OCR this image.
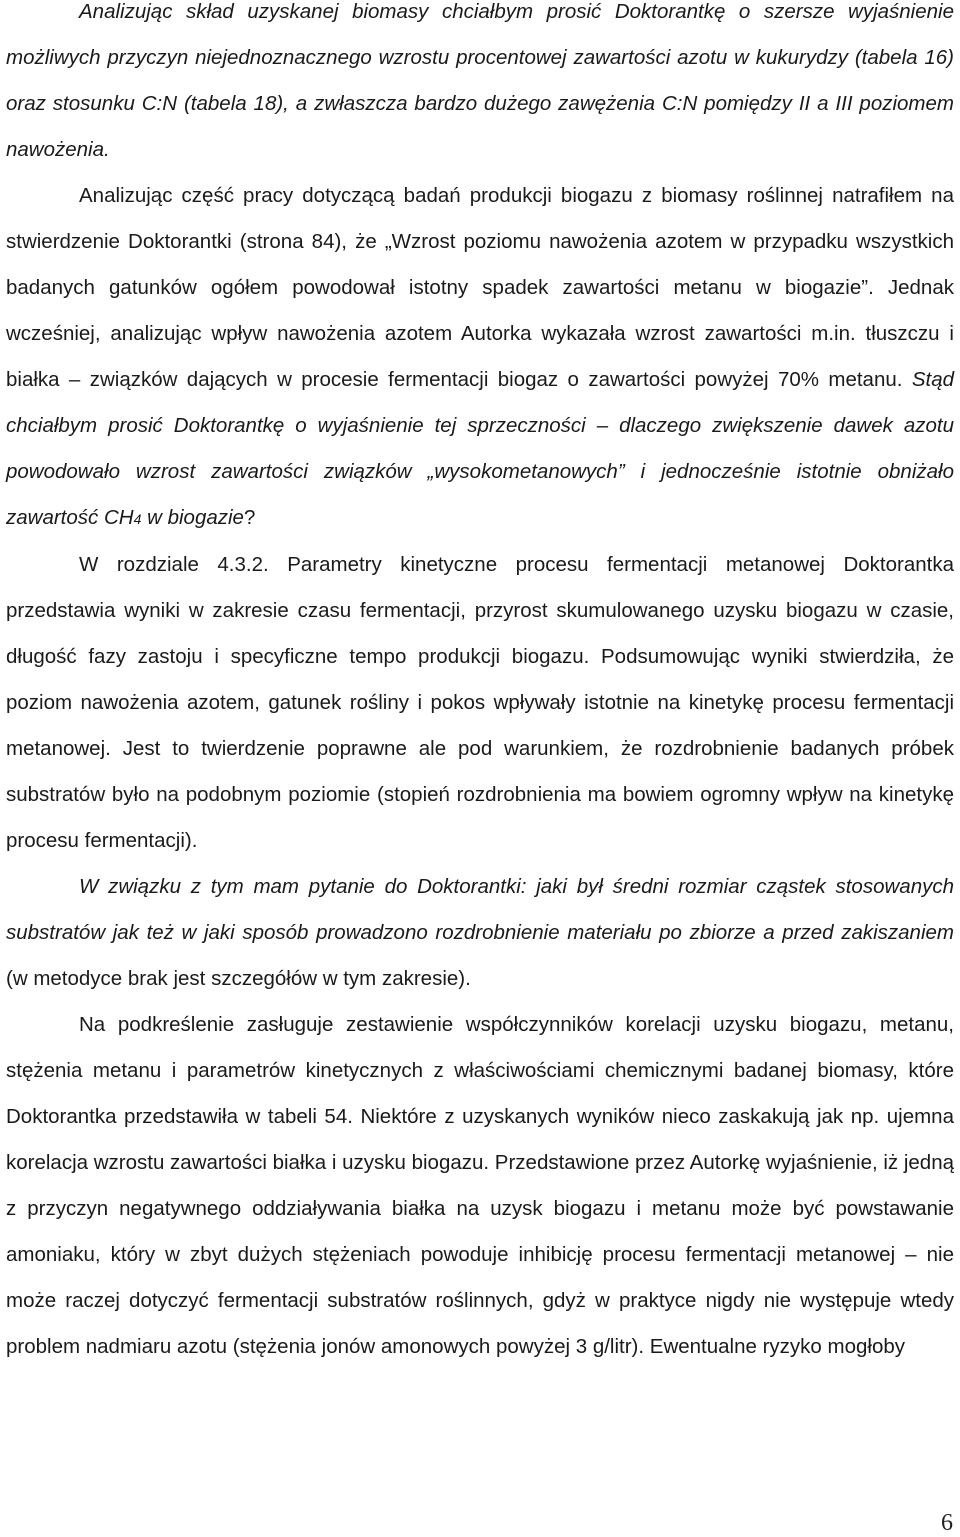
Analizując skład uzyskanej biomasy chciałbym prosić Doktorantkę o szersze wyjaśnienie możliwych przyczyn niejednoznacznego wzrostu procentowej zawartości azotu w kukurydzy (tabela 16) oraz stosunku C:N (tabela 18), a zwłaszcza bardzo dużego zawężenia C:N pomiędzy II a III poziomem nawożenia.

Analizując część pracy dotyczącą badań produkcji biogazu z biomasy roślinnej natrafiłem na stwierdzenie Doktorantki (strona 84), że „Wzrost poziomu nawożenia azotem w przypadku wszystkich badanych gatunków ogółem powodował istotny spadek zawartości metanu w biogazie”. Jednak wcześniej, analizując wpływ nawożenia azotem Autorka wykazała wzrost zawartości m.in. tłuszczu i białka – związków dających w procesie fermentacji biogaz o zawartości powyżej 70% metanu. Stąd chciałbym prosić Doktorantkę o wyjaśnienie tej sprzeczności – dlaczego zwiększenie dawek azotu powodowało wzrost zawartości związków „wysokometanowych” i jednocześnie istotnie obniżało zawartość CH4 w biogazie?

W rozdziale 4.3.2. Parametry kinetyczne procesu fermentacji metanowej Doktorantka przedstawia wyniki w zakresie czasu fermentacji, przyrost skumulowanego uzysku biogazu w czasie, długość fazy zastoju i specyficzne tempo produkcji biogazu. Podsumowując wyniki stwierdziła, że poziom nawożenia azotem, gatunek rośliny i pokos wpływały istotnie na kinetykę procesu fermentacji metanowej. Jest to twierdzenie poprawne ale pod warunkiem, że rozdrobnienie badanych próbek substratów było na podobnym poziomie (stopień rozdrobnienia ma bowiem ogromny wpływ na kinetykę procesu fermentacji).

W związku z tym mam pytanie do Doktorantki: jaki był średni rozmiar cząstek stosowanych substratów jak też w jaki sposób prowadzono rozdrobnienie materiału po zbiorze a przed zakiszaniem (w metodyce brak jest szczegółów w tym zakresie).

Na podkreślenie zasługuje zestawienie współczynników korelacji uzysku biogazu, metanu, stężenia metanu i parametrów kinetycznych z właściwościami chemicznymi badanej biomasy, które Doktorantka przedstawiła w tabeli 54. Niektóre z uzyskanych wyników nieco zaskakują jak np. ujemna korelacja wzrostu zawartości białka i uzysku biogazu. Przedstawione przez Autorkę wyjaśnienie, iż jedną z przyczyn negatywnego oddziaływania białka na uzysk biogazu i metanu może być powstawanie amoniaku, który w zbyt dużych stężeniach powoduje inhibicję procesu fermentacji metanowej – nie może raczej dotyczyć fermentacji substratów roślinnych, gdyż w praktyce nigdy nie występuje wtedy problem nadmiaru azotu (stężenia jonów amonowych powyżej 3 g/litr). Ewentualne ryzyko mogłoby

6
